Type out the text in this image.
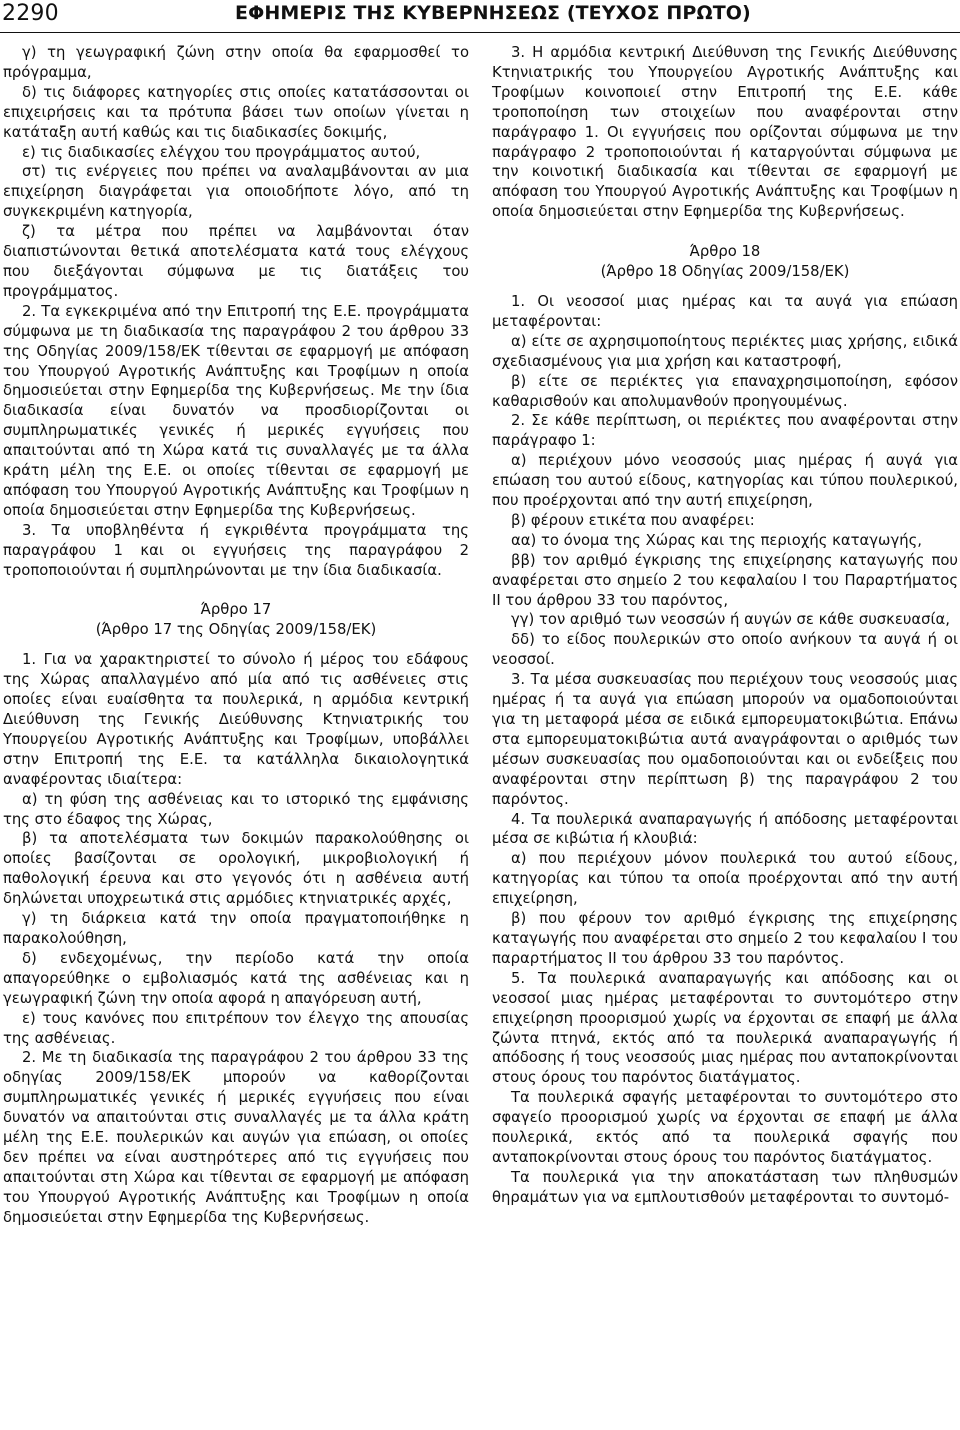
2290	ΕΦΗΜΕΡΙΣ ΤΗΣ ΚΥΒΕΡΝΗΣΕΩΣ (ΤΕΥΧΟΣ ΠΡΩΤΟ)

γ) τη γεωγραφική ζώνη στην οποία θα εφαρμοσθεί το πρόγραμμα,

δ) τις διάφορες κατηγορίες στις οποίες κατατάσσονται οι επιχειρήσεις και τα πρότυπα βάσει των οποίων γίνεται η κατάταξη αυτή καθώς και τις διαδικασίες δοκιμής,

ε) τις διαδικασίες ελέγχου του προγράμματος αυτού,

στ) τις ενέργειες που πρέπει να αναλαμβάνονται αν μια επιχείρηση διαγράφεται για οποιοδήποτε λόγο, από τη συγκεκριμένη κατηγορία,

ζ) τα μέτρα που πρέπει να λαμβάνονται όταν διαπιστώνονται θετικά αποτελέσματα κατά τους ελέγχους που διεξάγονται σύμφωνα με τις διατάξεις του προγράμματος.

2. Τα εγκεκριμένα από την Επιτροπή της Ε.Ε. προγράμματα σύμφωνα με τη διαδικασία της παραγράφου 2 του άρθρου 33 της Οδηγίας 2009/158/ΕΚ τίθενται σε εφαρμογή με απόφαση του Υπουργού Αγροτικής Ανάπτυξης και Τροφίμων η οποία δημοσιεύεται στην Εφημερίδα της Κυβερνήσεως. Με την ίδια διαδικασία είναι δυνατόν να προσδιορίζονται οι συμπληρωματικές γενικές ή μερικές εγγυήσεις που απαιτούνται από τη Χώρα κατά τις συναλλαγές με τα άλλα κράτη μέλη της Ε.Ε. οι οποίες τίθενται σε εφαρμογή με απόφαση του Υπουργού Αγροτικής Ανάπτυξης και Τροφίμων η οποία δημοσιεύεται στην Εφημερίδα της Κυβερνήσεως.

3. Τα υποβληθέντα ή εγκριθέντα προγράμματα της παραγράφου 1 και οι εγγυήσεις της παραγράφου 2 τροποποιούνται ή συμπληρώνονται με την ίδια διαδικασία.

Άρθρο 17

(Άρθρο 17 της Οδηγίας 2009/158/ΕΚ)

1. Για να χαρακτηριστεί το σύνολο ή μέρος του εδάφους της Χώρας απαλλαγμένο από μία από τις ασθένειες στις οποίες είναι ευαίσθητα τα πουλερικά, η αρμόδια κεντρική Διεύθυνση της Γενικής Διεύθυνσης Κτηνιατρικής του Υπουργείου Αγροτικής Ανάπτυξης και Τροφίμων, υποβάλλει στην Επιτροπή της Ε.Ε. τα κατάλληλα δικαιολογητικά αναφέροντας ιδιαίτερα:

α) τη φύση της ασθένειας και το ιστορικό της εμφάνισης της στο έδαφος της Χώρας,

β) τα αποτελέσματα των δοκιμών παρακολούθησης οι οποίες βασίζονται σε ορολογική, μικροβιολογική ή παθολογική έρευνα και στο γεγονός ότι η ασθένεια αυτή δηλώνεται υποχρεωτικά στις αρμόδιες κτηνιατρικές αρχές,

γ) τη διάρκεια κατά την οποία πραγματοποιήθηκε η παρακολούθηση,

δ) ενδεχομένως, την περίοδο κατά την οποία απαγορεύθηκε ο εμβολιασμός κατά της ασθένειας και η γεωγραφική ζώνη την οποία αφορά η απαγόρευση αυτή,

ε) τους κανόνες που επιτρέπουν τον έλεγχο της απουσίας της ασθένειας.

2. Με τη διαδικασία της παραγράφου 2 του άρθρου 33 της οδηγίας 2009/158/ΕΚ μπορούν να καθορίζονται συμπληρωματικές γενικές ή μερικές εγγυήσεις που είναι δυνατόν να απαιτούνται στις συναλλαγές με τα άλλα κράτη μέλη της Ε.Ε. πουλερικών και αυγών για επώαση, οι οποίες δεν πρέπει να είναι αυστηρότερες από τις εγγυήσεις που απαιτούνται στη Χώρα και τίθενται σε εφαρμογή με απόφαση του Υπουργού Αγροτικής Ανάπτυξης και Τροφίμων η οποία δημοσιεύεται στην Εφημερίδα της Κυβερνήσεως.

3. Η αρμόδια κεντρική Διεύθυνση της Γενικής Διεύθυνσης Κτηνιατρικής του Υπουργείου Αγροτικής Ανάπτυξης και Τροφίμων κοινοποιεί στην Επιτροπή της Ε.Ε. κάθε τροποποίηση των στοιχείων που αναφέρονται στην παράγραφο 1. Οι εγγυήσεις που ορίζονται σύμφωνα με την παράγραφο 2 τροποποιούνται ή καταργούνται σύμφωνα με την κοινοτική διαδικασία και τίθενται σε εφαρμογή με απόφαση του Υπουργού Αγροτικής Ανάπτυξης και Τροφίμων η οποία δημοσιεύεται στην Εφημερίδα της Κυβερνήσεως.

Άρθρο 18

(Άρθρο 18 Οδηγίας 2009/158/ΕΚ)

1. Οι νεοσσοί μιας ημέρας και τα αυγά για επώαση μεταφέρονται:

α) είτε σε αχρησιμοποίητους περιέκτες μιας χρήσης, ειδικά σχεδιασμένους για μια χρήση και καταστροφή,

β) είτε σε περιέκτες για επαναχρησιμοποίηση, εφόσον καθαρισθούν και απολυμανθούν προηγουμένως.

2. Σε κάθε περίπτωση, οι περιέκτες που αναφέρονται στην παράγραφο 1:

α) περιέχουν μόνο νεοσσούς μιας ημέρας ή αυγά για επώαση του αυτού είδους, κατηγορίας και τύπου πουλερικού, που προέρχονται από την αυτή επιχείρηση,

β) φέρουν ετικέτα που αναφέρει:

αα) το όνομα της Χώρας και της περιοχής καταγωγής,

ββ) τον αριθμό έγκρισης της επιχείρησης καταγωγής που αναφέρεται στο σημείο 2 του κεφαλαίου I του Παραρτήματος II του άρθρου 33 του παρόντος,

γγ) τον αριθμό των νεοσσών ή αυγών σε κάθε συσκευασία,

δδ) το είδος πουλερικών στο οποίο ανήκουν τα αυγά ή οι νεοσσοί.

3. Τα μέσα συσκευασίας που περιέχουν τους νεοσσούς μιας ημέρας ή τα αυγά για επώαση μπορούν να ομαδοποιούνται για τη μεταφορά μέσα σε ειδικά εμπορευματοκιβώτια. Επάνω στα εμπορευματοκιβώτια αυτά αναγράφονται ο αριθμός των μέσων συσκευασίας που ομαδοποιούνται και οι ενδείξεις που αναφέρονται στην περίπτωση β) της παραγράφου 2 του παρόντος.

4. Τα πουλερικά αναπαραγωγής ή απόδοσης μεταφέρονται μέσα σε κιβώτια ή κλουβιά:

α) που περιέχουν μόνον πουλερικά του αυτού είδους, κατηγορίας και τύπου τα οποία προέρχονται από την αυτή επιχείρηση,

β) που φέρουν τον αριθμό έγκρισης της επιχείρησης καταγωγής που αναφέρεται στο σημείο 2 του κεφαλαίου I του παραρτήματος II του άρθρου 33 του παρόντος.

5. Τα πουλερικά αναπαραγωγής και απόδοσης και οι νεοσσοί μιας ημέρας μεταφέρονται το συντομότερο στην επιχείρηση προορισμού χωρίς να έρχονται σε επαφή με άλλα ζώντα πτηνά, εκτός από τα πουλερικά αναπαραγωγής ή απόδοσης ή τους νεοσσούς μιας ημέρας που ανταποκρίνονται στους όρους του παρόντος διατάγματος.

Τα πουλερικά σφαγής μεταφέρονται το συντομότερο στο σφαγείο προορισμού χωρίς να έρχονται σε επαφή με άλλα πουλερικά, εκτός από τα πουλερικά σφαγής που ανταποκρίνονται στους όρους του παρόντος διατάγματος.

Τα πουλερικά για την αποκατάσταση των πληθυσμών θηραμάτων για να εμπλουτισθούν μεταφέρονται το συντομό-
